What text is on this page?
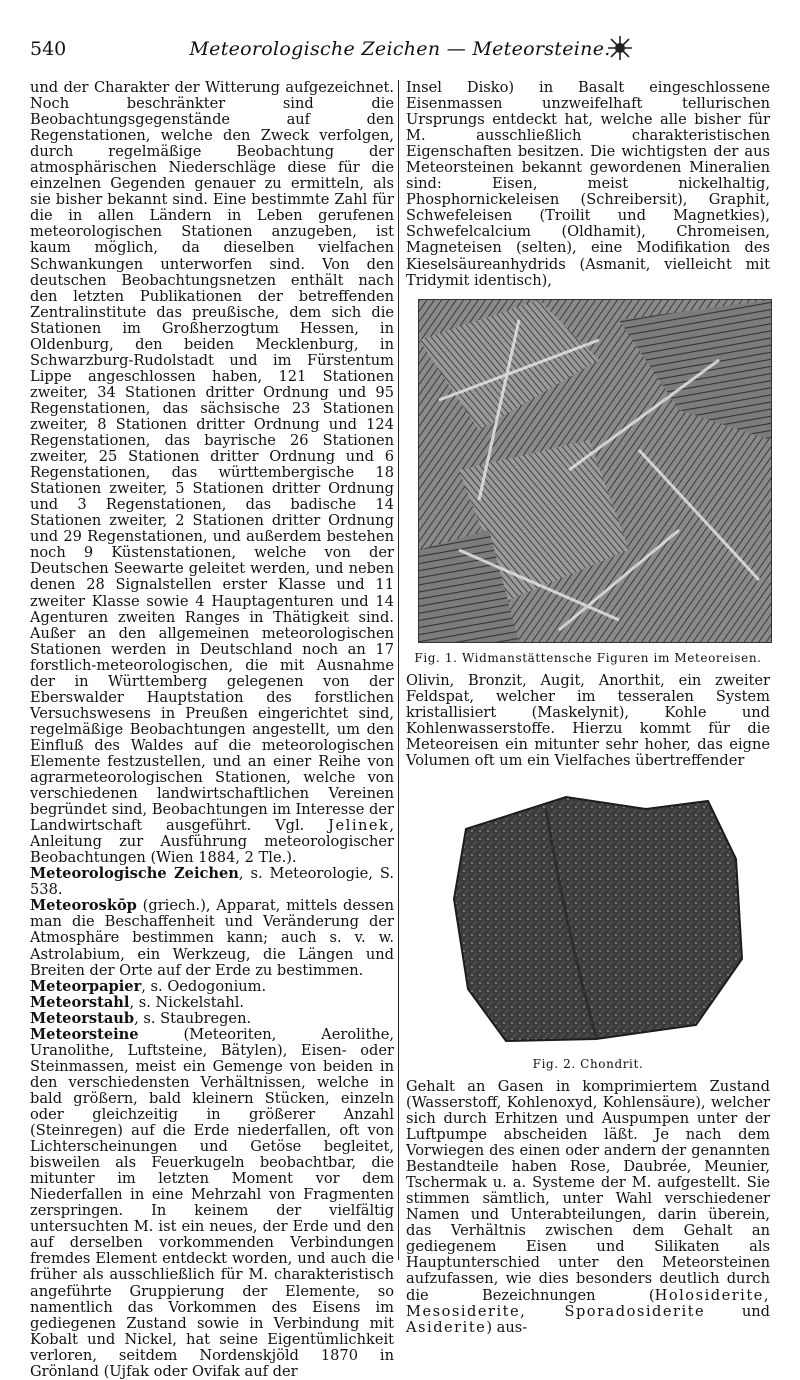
540	Meteorologische Zeichen — Meteorsteine.

und der Charakter der Witterung aufgezeichnet. Noch beschränkter sind die Beobachtungsgegenstände auf den Regenstationen, welche den Zweck verfolgen, durch regelmäßige Beobachtung der atmosphärischen Niederschläge diese für die einzelnen Gegenden genauer zu ermitteln, als sie bisher bekannt sind. Eine bestimmte Zahl für die in allen Ländern in Leben gerufenen meteorologischen Stationen anzugeben, ist kaum möglich, da dieselben vielfachen Schwankungen unterworfen sind. Von den deutschen Beobachtungsnetzen enthält nach den letzten Publikationen der betreffenden Zentralinstitute das preußische, dem sich die Stationen im Großherzogtum Hessen, in Oldenburg, den beiden Mecklenburg, in Schwarzburg-Rudolstadt und im Fürstentum Lippe angeschlossen haben, 121 Stationen zweiter, 34 Stationen dritter Ordnung und 95 Regenstationen, das sächsische 23 Stationen zweiter, 8 Stationen dritter Ordnung und 124 Regenstationen, das bayrische 26 Stationen zweiter, 25 Stationen dritter Ordnung und 6 Regenstationen, das württembergische 18 Stationen zweiter, 5 Stationen dritter Ordnung und 3 Regenstationen, das badische 14 Stationen zweiter, 2 Stationen dritter Ordnung und 29 Regenstationen, und außerdem bestehen noch 9 Küstenstationen, welche von der Deutschen Seewarte geleitet werden, und neben denen 28 Signalstellen erster Klasse und 11 zweiter Klasse sowie 4 Hauptagenturen und 14 Agenturen zweiten Ranges in Thätigkeit sind. Außer an den allgemeinen meteorologischen Stationen werden in Deutschland noch an 17 forstlich-meteorologischen, die mit Ausnahme der in Württemberg gelegenen von der Eberswalder Hauptstation des forstlichen Versuchswesens in Preußen eingerichtet sind, regelmäßige Beobachtungen angestellt, um den Einfluß des Waldes auf die meteorologischen Elemente festzustellen, und an einer Reihe von agrarmeteorologischen Stationen, welche von verschiedenen landwirtschaftlichen Vereinen begründet sind, Beobachtungen im Interesse der Landwirtschaft ausgeführt. Vgl. Jelinek, Anleitung zur Ausführung meteorologischer Beobachtungen (Wien 1884, 2 Tle.).

Meteorologische Zeichen, s. Meteorologie, S. 538.

Meteoroskōp (griech.), Apparat, mittels dessen man die Beschaffenheit und Veränderung der Atmosphäre bestimmen kann; auch s. v. w. Astrolabium, ein Werkzeug, die Längen und Breiten der Orte auf der Erde zu bestimmen.

Meteorpapier, s. Oedogonium.

Meteorstahl, s. Nickelstahl.

Meteorstaub, s. Staubregen.

Meteorsteine (Meteoriten, Aerolithe, Uranolithe, Luftsteine, Bätylen), Eisen- oder Steinmassen, meist ein Gemenge von beiden in den verschiedensten Verhältnissen, welche in bald größern, bald kleinern Stücken, einzeln oder gleichzeitig in größerer Anzahl (Steinregen) auf die Erde niederfallen, oft von Lichterscheinungen und Getöse begleitet, bisweilen als Feuerkugeln beobachtbar, die mitunter im letzten Moment vor dem Niederfallen in eine Mehrzahl von Fragmenten zerspringen. In keinem der vielfältig untersuchten M. ist ein neues, der Erde und den auf derselben vorkommenden Verbindungen fremdes Element entdeckt worden, und auch die früher als ausschließlich für M. charakteristisch angeführte Gruppierung der Elemente, so namentlich das Vorkommen des Eisens im gediegenen Zustand sowie in Verbindung mit Kobalt und Nickel, hat seine Eigentümlichkeit verloren, seitdem Nordenskjöld 1870 in Grönland (Ujfak oder Ovifak auf der

Insel Disko) in Basalt eingeschlossene Eisenmassen unzweifelhaft tellurischen Ursprungs entdeckt hat, welche alle bisher für M. ausschließlich charakteristischen Eigenschaften besitzen. Die wichtigsten der aus Meteorsteinen bekannt gewordenen Mineralien sind: Eisen, meist nickelhaltig, Phosphornickeleisen (Schreibersit), Graphit, Schwefeleisen (Troilit und Magnetkies), Schwefelcalcium (Oldhamit), Chromeisen, Magneteisen (selten), eine Modifikation des Kieselsäureanhydrids (Asmanit, vielleicht mit Tridymit identisch),

Fig. 1. Widmanstättensche Figuren im Meteoreisen.

Olivin, Bronzit, Augit, Anorthit, ein zweiter Feldspat, welcher im tesseralen System kristallisiert (Maskelynit), Kohle und Kohlenwasserstoffe. Hierzu kommt für die Meteoreisen ein mitunter sehr hoher, das eigne Volumen oft um ein Vielfaches übertreffender

Fig. 2. Chondrit.

Gehalt an Gasen in komprimiertem Zustand (Wasserstoff, Kohlenoxyd, Kohlensäure), welcher sich durch Erhitzen und Auspumpen unter der Luftpumpe abscheiden läßt. Je nach dem Vorwiegen des einen oder andern der genannten Bestandteile haben Rose, Daubrée, Meunier, Tschermak u. a. Systeme der M. aufgestellt. Sie stimmen sämtlich, unter Wahl verschiedener Namen und Unterabteilungen, darin überein, das Verhältnis zwischen dem Gehalt an gediegenem Eisen und Silikaten als Hauptunterschied unter den Meteorsteinen aufzufassen, wie dies besonders deutlich durch die Bezeichnungen (Holosiderite, Mesosiderite, Sporadosiderite und Asiderite) aus-
